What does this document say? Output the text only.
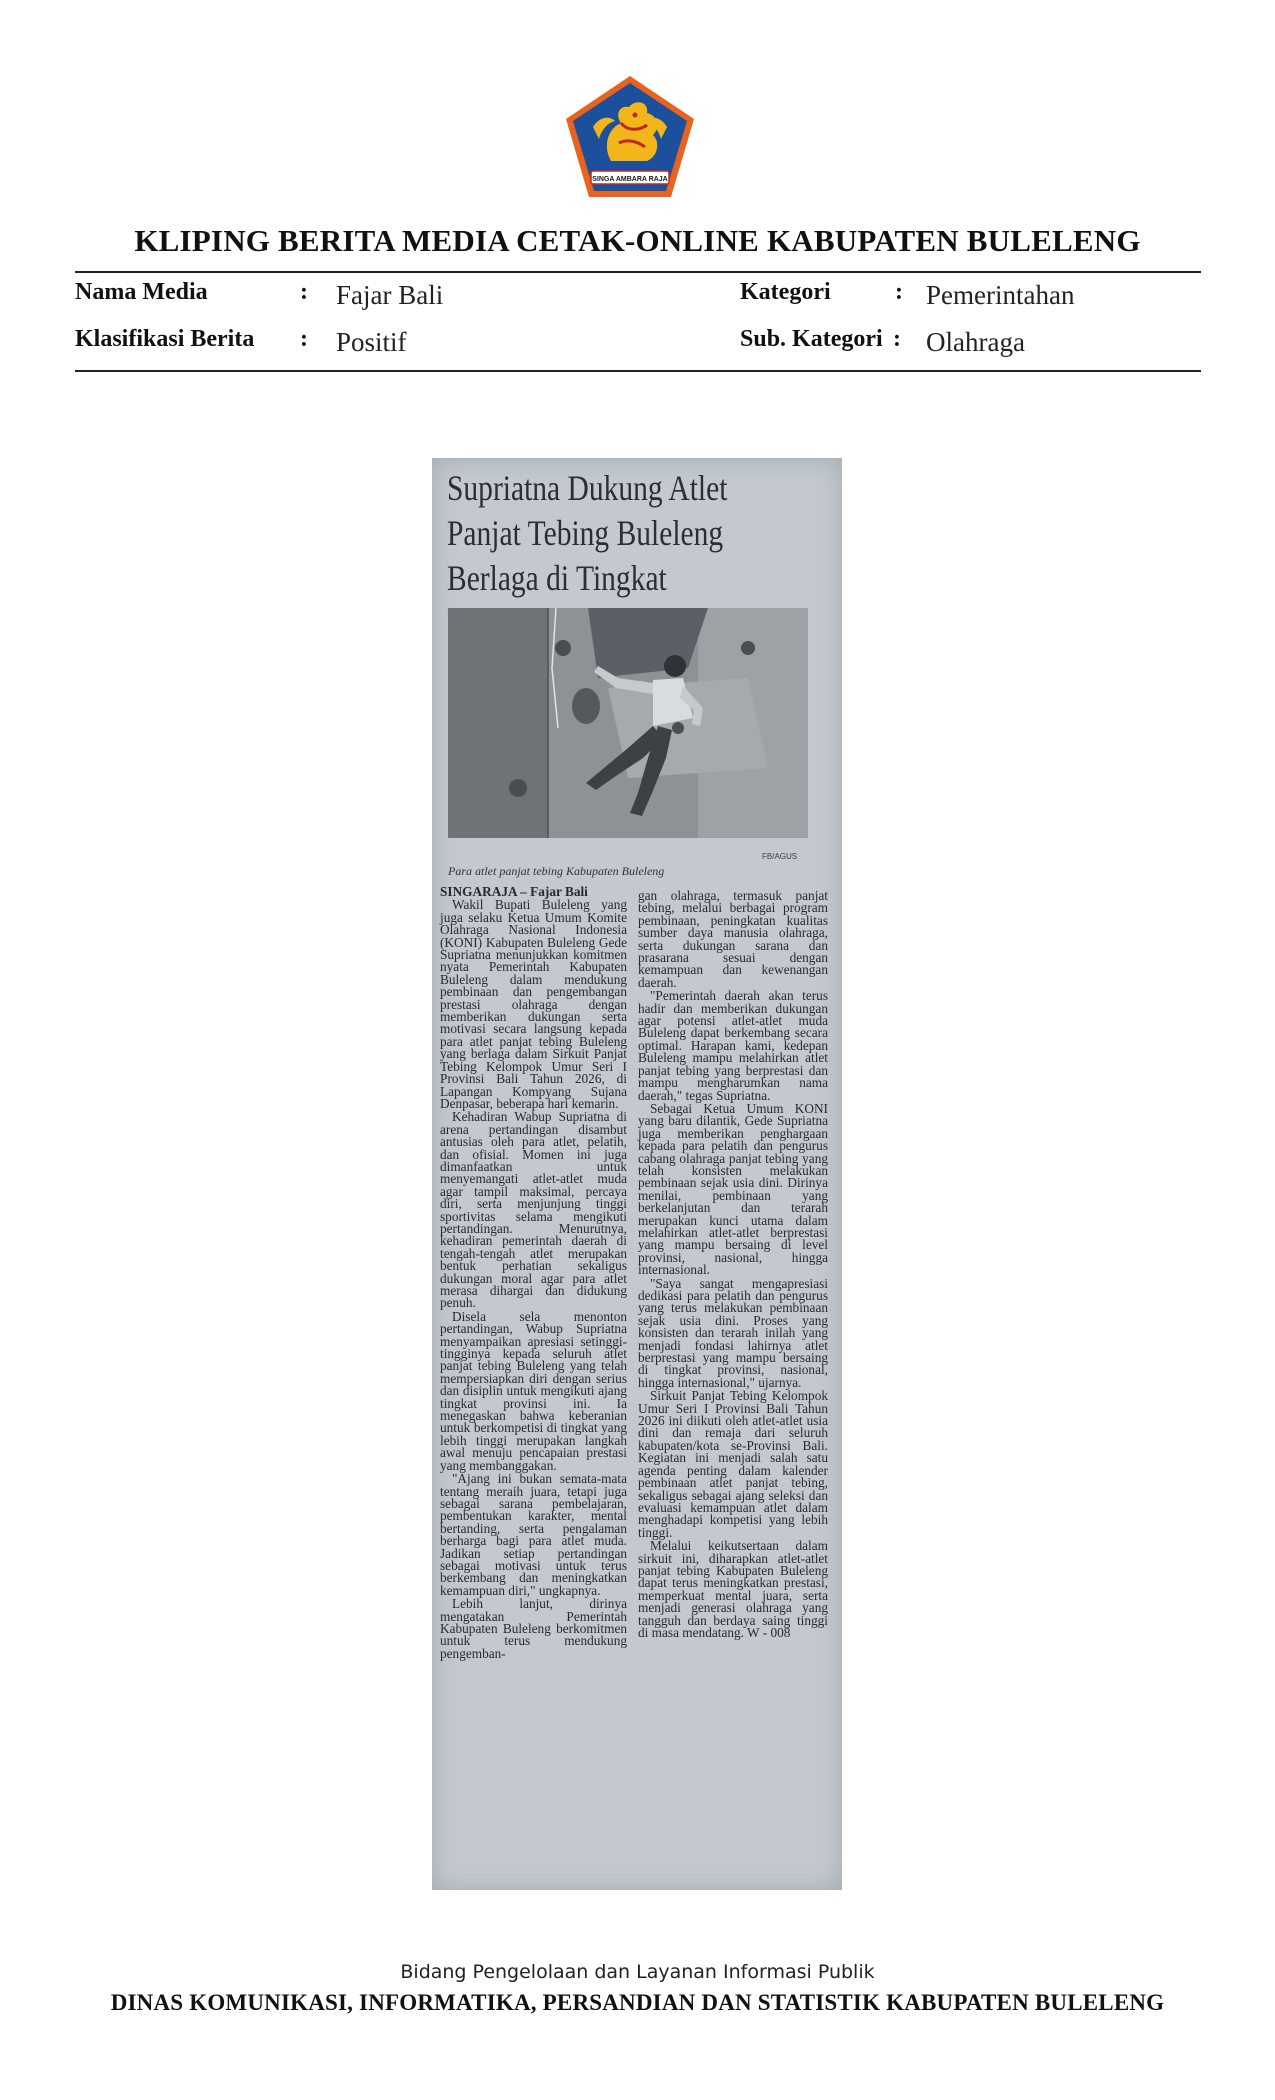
SINGA AMBARA RAJA
KLIPING BERITA MEDIA CETAK-ONLINE KABUPATEN BULELENG
Nama Media	: Fajar Bali
Klasifikasi Berita : Positif
Kategori	: Pemerintahan
Sub. Kategori : Olahraga
Supriatna Dukung Atlet
Panjat Tebing Buleleng
Berlaga di Tingkat
FB/AGUS
Para atlet panjat tebing Kabupaten Buleleng

SINGARAJA – Fajar Bali

Wakil Bupati Buleleng yang juga selaku Ketua Umum Komite Olahraga Nasional Indonesia (KONI) Kabupaten Buleleng Gede Supriatna menunjukkan komitmen nyata Pemerintah Kabupaten Buleleng dalam mendukung pembinaan dan pengembangan prestasi olahraga dengan memberikan dukungan serta motivasi secara langsung kepada para atlet panjat tebing Buleleng yang berlaga dalam Sirkuit Panjat Tebing Kelompok Umur Seri I Provinsi Bali Tahun 2026, di Lapangan Kompyang Sujana Denpasar, beberapa hari kemarin.

Kehadiran Wabup Supriatna di arena pertandingan disambut antusias oleh para atlet, pelatih, dan ofisial. Momen ini juga dimanfaatkan untuk menyemangati atlet-atlet muda agar tampil maksimal, percaya diri, serta menjunjung tinggi sportivitas selama mengikuti pertandingan. Menurutnya, kehadiran pemerintah daerah di tengah-tengah atlet merupakan bentuk perhatian sekaligus dukungan moral agar para atlet merasa dihargai dan didukung penuh.

Disela sela menonton pertandingan, Wabup Supriatna menyampaikan apresiasi setinggi-tingginya kepada seluruh atlet panjat tebing Buleleng yang telah mempersiapkan diri dengan serius dan disiplin untuk mengikuti ajang tingkat provinsi ini. Ia menegaskan bahwa keberanian untuk berkompetisi di tingkat yang lebih tinggi merupakan langkah awal menuju pencapaian prestasi yang membanggakan.

"Ajang ini bukan semata-mata tentang meraih juara, tetapi juga sebagai sarana pembelajaran, pembentukan karakter, mental bertanding, serta pengalaman berharga bagi para atlet muda. Jadikan setiap pertandingan sebagai motivasi untuk terus berkembang dan meningkatkan kemampuan diri," ungkapnya.

Lebih lanjut, dirinya mengatakan Pemerintah Kabupaten Buleleng berkomitmen untuk terus mendukung pengemban-

gan olahraga, termasuk panjat tebing, melalui berbagai program pembinaan, peningkatan kualitas sumber daya manusia olahraga, serta dukungan sarana dan prasarana sesuai dengan kemampuan dan kewenangan daerah.

"Pemerintah daerah akan terus hadir dan memberikan dukungan agar potensi atlet-atlet muda Buleleng dapat berkembang secara optimal. Harapan kami, kedepan Buleleng mampu melahirkan atlet panjat tebing yang berprestasi dan mampu mengharumkan nama daerah," tegas Supriatna.

Sebagai Ketua Umum KONI yang baru dilantik, Gede Supriatna juga memberikan penghargaan kepada para pelatih dan pengurus cabang olahraga panjat tebing yang telah konsisten melakukan pembinaan sejak usia dini. Dirinya menilai, pembinaan yang berkelanjutan dan terarah merupakan kunci utama dalam melahirkan atlet-atlet berprestasi yang mampu bersaing di level provinsi, nasional, hingga internasional.

"Saya sangat mengapresiasi dedikasi para pelatih dan pengurus yang terus melakukan pembinaan sejak usia dini. Proses yang konsisten dan terarah inilah yang menjadi fondasi lahirnya atlet berprestasi yang mampu bersaing di tingkat provinsi, nasional, hingga internasional," ujarnya.

Sirkuit Panjat Tebing Kelompok Umur Seri I Provinsi Bali Tahun 2026 ini diikuti oleh atlet-atlet usia dini dan remaja dari seluruh kabupaten/kota se-Provinsi Bali. Kegiatan ini menjadi salah satu agenda penting dalam kalender pembinaan atlet panjat tebing, sekaligus sebagai ajang seleksi dan evaluasi kemampuan atlet dalam menghadapi kompetisi yang lebih tinggi.

Melalui keikutsertaan dalam sirkuit ini, diharapkan atlet-atlet panjat tebing Kabupaten Buleleng dapat terus meningkatkan prestasi, memperkuat mental juara, serta menjadi generasi olahraga yang tangguh dan berdaya saing tinggi di masa mendatang. W - 008

Bidang Pengelolaan dan Layanan Informasi Publik
DINAS KOMUNIKASI, INFORMATIKA, PERSANDIAN DAN STATISTIK KABUPATEN BULELENG
